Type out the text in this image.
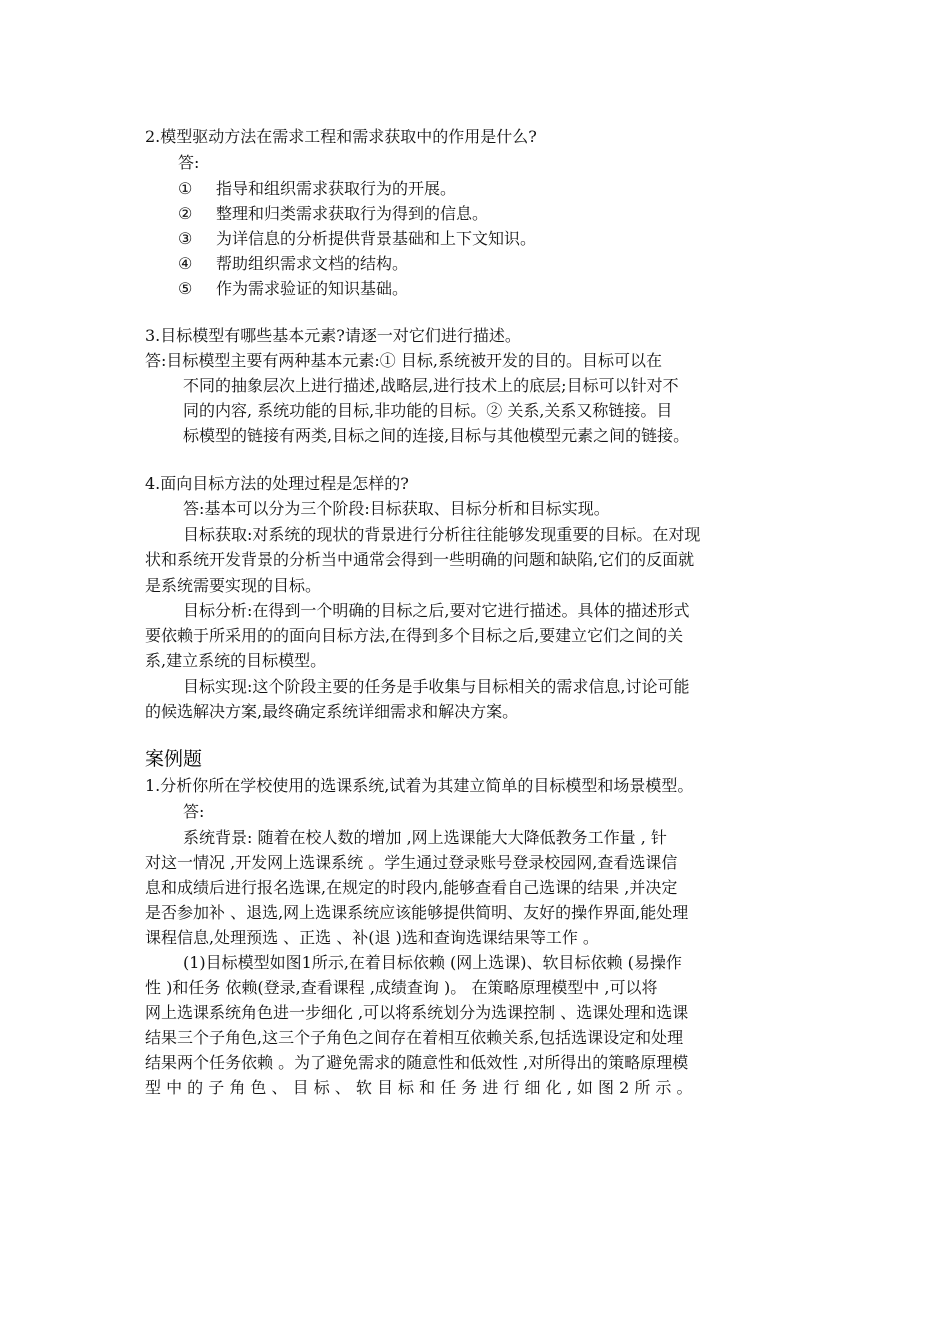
2.模型驱动方法在需求工程和需求获取中的作用是什么?
答:
① 指导和组织需求获取行为的开展。
② 整理和归类需求获取行为得到的信息。
③ 为详信息的分析提供背景基础和上下文知识。
④ 帮助组织需求文档的结构。
⑤ 作为需求验证的知识基础。
3.目标模型有哪些基本元素?请逐一对它们进行描述。
答:目标模型主要有两种基本元素:① 目标,系统被开发的目的。目标可以在
不同的抽象层次上进行描述,战略层,进行技术上的底层;目标可以针对不
同的内容, 系统功能的目标,非功能的目标。② 关系,关系又称链接。目
标模型的链接有两类,目标之间的连接,目标与其他模型元素之间的链接。
4.面向目标方法的处理过程是怎样的?
答:基本可以分为三个阶段:目标获取、目标分析和目标实现。
目标获取:对系统的现状的背景进行分析往往能够发现重要的目标。在对现
状和系统开发背景的分析当中通常会得到一些明确的问题和缺陷,它们的反面就
是系统需要实现的目标。
目标分析:在得到一个明确的目标之后,要对它进行描述。具体的描述形式
要依赖于所采用的的面向目标方法,在得到多个目标之后,要建立它们之间的关
系,建立系统的目标模型。
目标实现:这个阶段主要的任务是手收集与目标相关的需求信息,讨论可能
的候选解决方案,最终确定系统详细需求和解决方案。
案例题
1.分析你所在学校使用的选课系统,试着为其建立简单的目标模型和场景模型。
答:
系统背景: 随着在校人数的增加 ,网上选课能大大降低教务工作量 , 针
对这一情况 ,开发网上选课系统 。学生通过登录账号登录校园网,查看选课信
息和成绩后进行报名选课,在规定的时段内,能够查看自己选课的结果 ,并决定
是否参加补 、退选,网上选课系统应该能够提供简明、友好的操作界面,能处理
课程信息,处理预选 、正选 、补(退 )选和查询选课结果等工作 。
(1)目标模型如图1所示,在着目标依赖 (网上选课)、软目标依赖 (易操作
性 )和任务 依赖(登录,查看课程 ,成绩查询 )。 在策略原理模型中 ,可以将
网上选课系统角色进一步细化 ,可以将系统划分为选课控制 、选课处理和选课
结果三个子角色,这三个子角色之间存在着相互依赖关系,包括选课设定和处理
结果两个任务依赖 。为了避免需求的随意性和低效性 ,对所得出的策略原理模
型 中 的 子 角 色 、 目 标 、 软 目 标 和 任 务 进 行 细 化 , 如 图 2 所 示 。
